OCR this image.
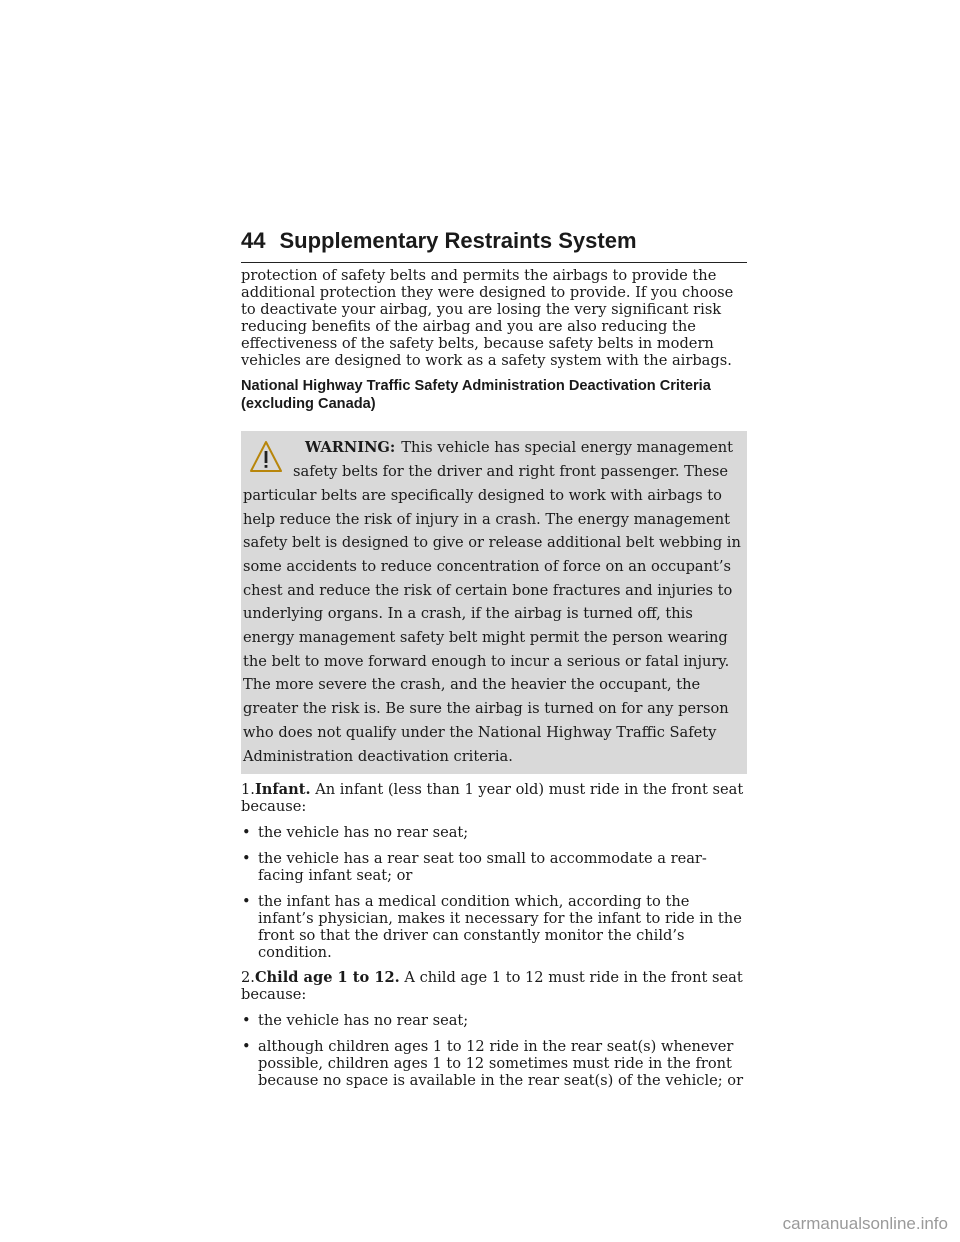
44 Supplementary Restraints System

protection of safety belts and permits the airbags to provide the additional protection they were designed to provide. If you choose to deactivate your airbag, you are losing the very significant risk reducing benefits of the airbag and you are also reducing the effectiveness of the safety belts, because safety belts in modern vehicles are designed to work as a safety system with the airbags.

National Highway Traffic Safety Administration Deactivation Criteria (excluding Canada)
WARNING: This vehicle has special energy management safety belts for the driver and right front passenger. These particular belts are specifically designed to work with airbags to help reduce the risk of injury in a crash. The energy management safety belt is designed to give or release additional belt webbing in some accidents to reduce concentration of force on an occupant’s chest and reduce the risk of certain bone fractures and injuries to underlying organs. In a crash, if the airbag is turned off, this energy management safety belt might permit the person wearing the belt to move forward enough to incur a serious or fatal injury. The more severe the crash, and the heavier the occupant, the greater the risk is. Be sure the airbag is turned on for any person who does not qualify under the National Highway Traffic Safety Administration deactivation criteria.

1.Infant. An infant (less than 1 year old) must ride in the front seat because:

• the vehicle has no rear seat;
• the vehicle has a rear seat too small to accommodate a rear-facing infant seat; or
• the infant has a medical condition which, according to the infant’s physician, makes it necessary for the infant to ride in the front so that the driver can constantly monitor the child’s condition.

2.Child age 1 to 12. A child age 1 to 12 must ride in the front seat because:

• the vehicle has no rear seat;
• although children ages 1 to 12 ride in the rear seat(s) whenever possible, children ages 1 to 12 sometimes must ride in the front because no space is available in the rear seat(s) of the vehicle; or
carmanualsonline.info
